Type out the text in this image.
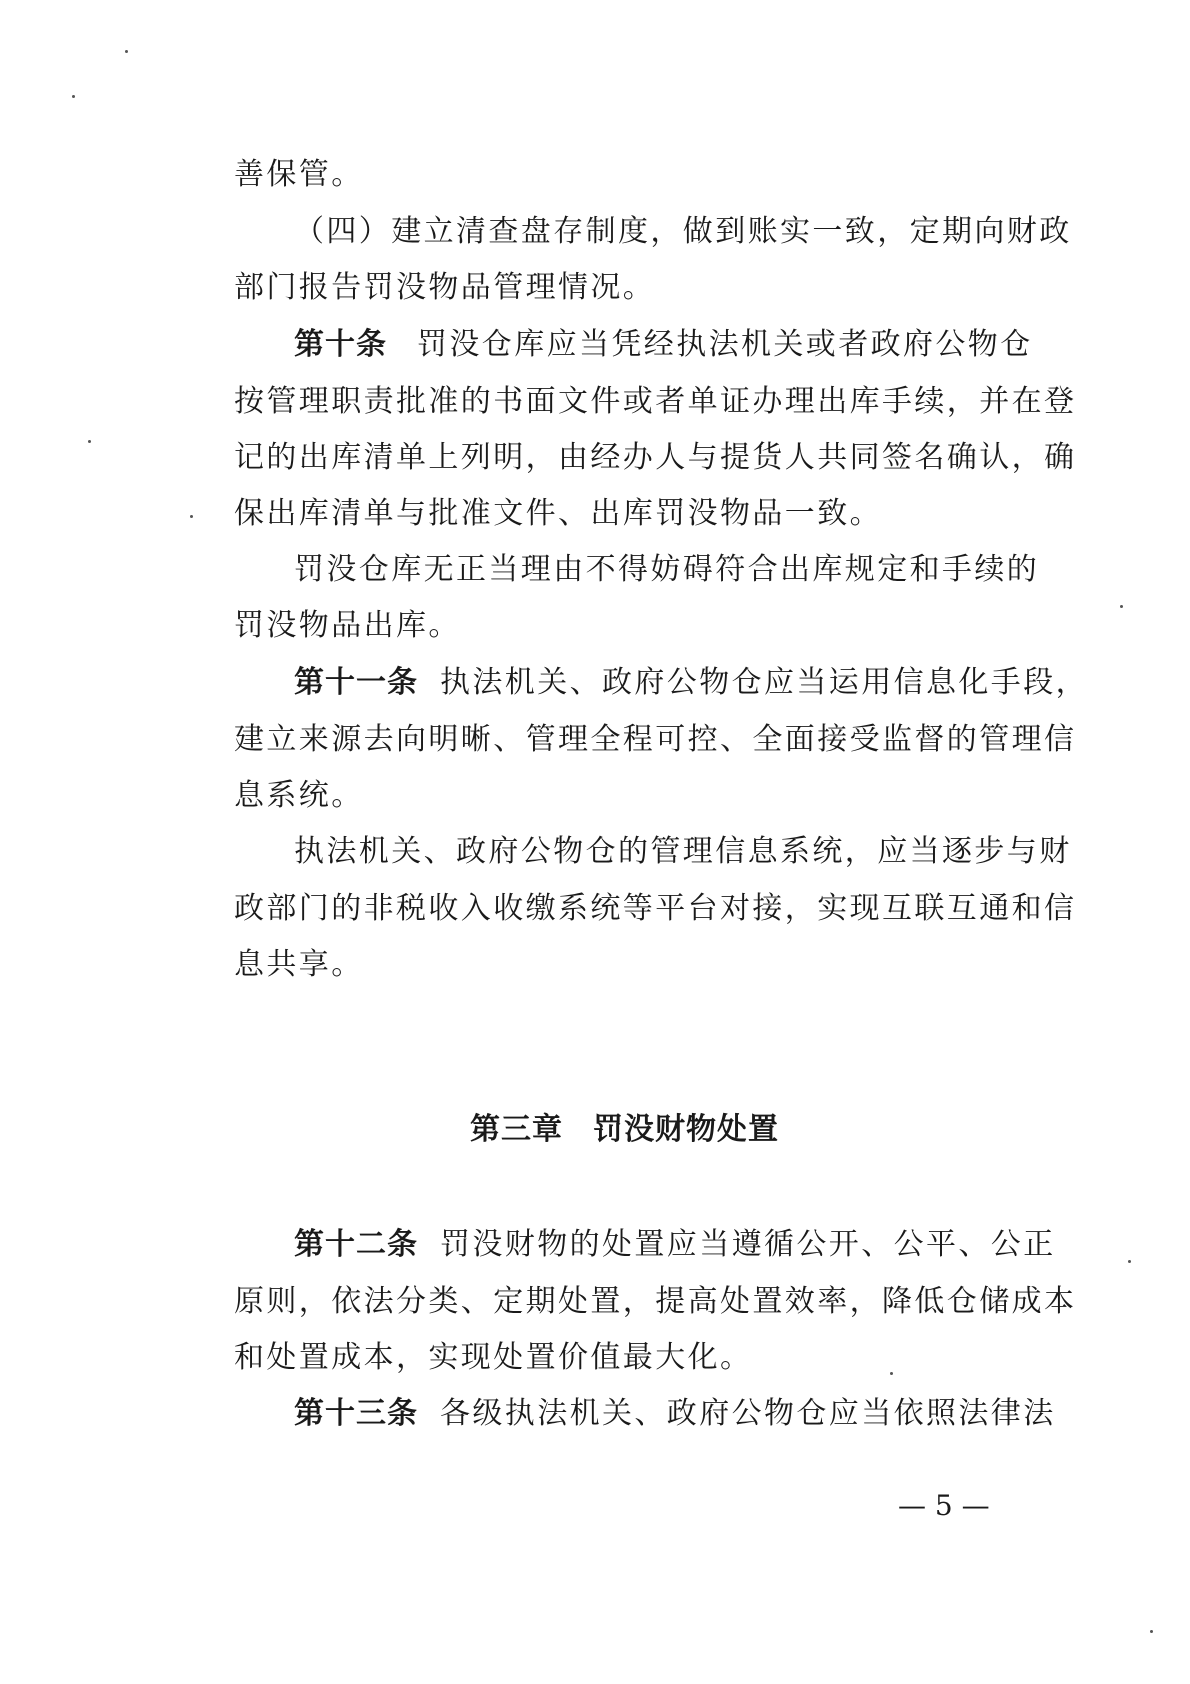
善保管。
（四）建立清查盘存制度，做到账实一致，定期向财政
部门报告罚没物品管理情况。
第十条 罚没仓库应当凭经执法机关或者政府公物仓
按管理职责批准的书面文件或者单证办理出库手续，并在登
记的出库清单上列明，由经办人与提货人共同签名确认，确
保出库清单与批准文件、出库罚没物品一致。
罚没仓库无正当理由不得妨碍符合出库规定和手续的
罚没物品出库。
第十一条 执法机关、政府公物仓应当运用信息化手段，
建立来源去向明晰、管理全程可控、全面接受监督的管理信
息系统。
执法机关、政府公物仓的管理信息系统，应当逐步与财
政部门的非税收入收缴系统等平台对接，实现互联互通和信
息共享。
第三章 罚没财物处置
第十二条 罚没财物的处置应当遵循公开、公平、公正
原则，依法分类、定期处置，提高处置效率，降低仓储成本
和处置成本，实现处置价值最大化。
第十三条 各级执法机关、政府公物仓应当依照法律法
— 5 —
